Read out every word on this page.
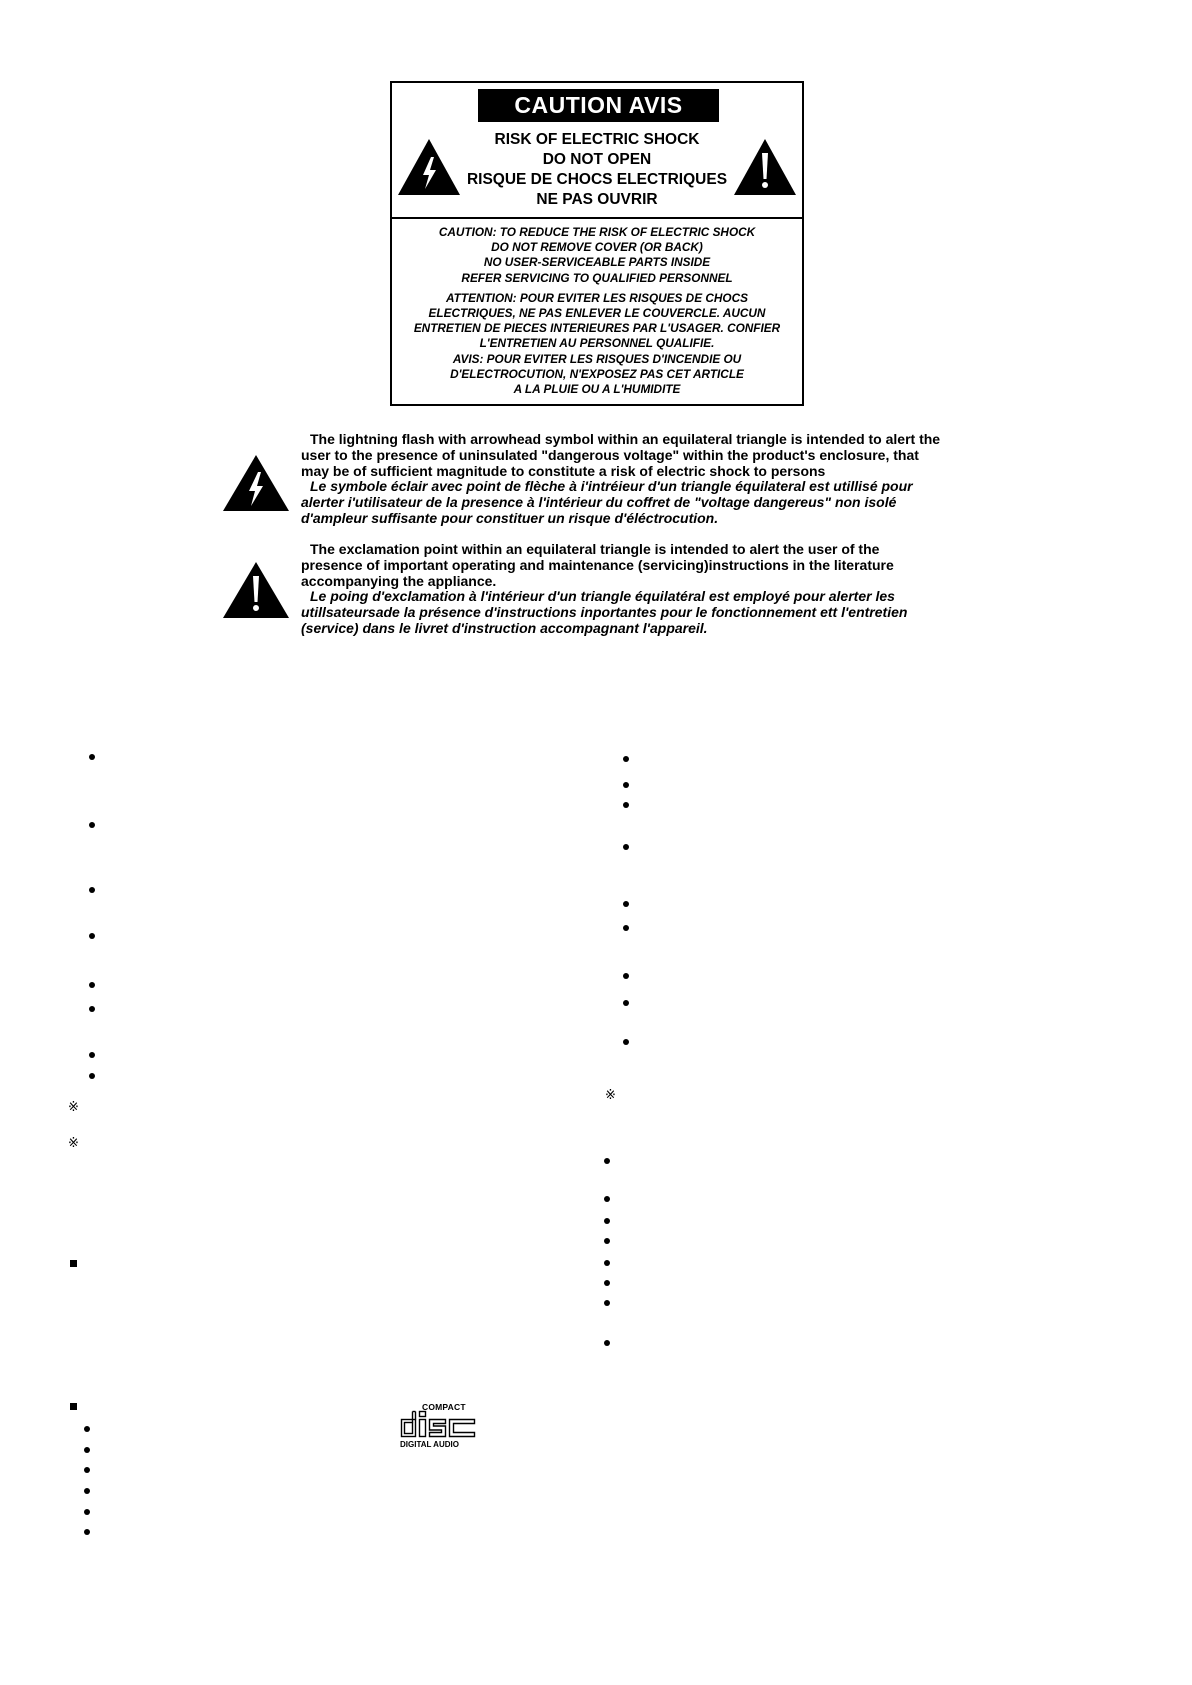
CAUTION AVIS
RISK OF ELECTRIC SHOCK
DO NOT OPEN
RISQUE DE CHOCS ELECTRIQUES
NE PAS OUVRIR
CAUTION: TO REDUCE THE RISK OF ELECTRIC SHOCK
DO NOT REMOVE COVER (OR BACK)
NO USER-SERVICEABLE PARTS INSIDE
REFER SERVICING TO QUALIFIED PERSONNEL
ATTENTION: POUR EVITER LES RISQUES DE CHOCS
ELECTRIQUES, NE PAS ENLEVER LE COUVERCLE. AUCUN
ENTRETIEN DE PIECES INTERIEURES PAR L'USAGER. CONFIER
L'ENTRETIEN AU PERSONNEL QUALIFIE.
AVIS: POUR EVITER LES RISQUES D'INCENDIE OU
D'ELECTROCUTION, N'EXPOSEZ PAS CET ARTICLE
A LA PLUIE OU A L'HUMIDITE
The lightning flash with arrowhead symbol within an equilateral triangle is intended to alert the
user to the presence of uninsulated "dangerous voltage" within the product's enclosure, that
may be of sufficient magnitude to constitute a risk of electric shock to persons
Le symbole éclair avec point de flèche à i'intréieur d'un triangle équilateral est utillisé pour
alerter i'utilisateur de la presence à l'intérieur du coffret de "voltage dangereus" non isolé
d'ampleur suffisante pour constituer un risque d'éléctrocution.
The exclamation point within an equilateral triangle is intended to alert the user of the
presence of important operating and maintenance (servicing)instructions in the literature
accompanying the appliance.
Le poing d'exclamation à l'intérieur d'un triangle équilatéral est employé pour alerter les
utillsateursade la présence d'instructions inportantes pour le fonctionnement ett l'entretien
(service) dans le livret d'instruction accompagnant l'appareil.
※
※
※
COMPACT
DIGITAL AUDIO
